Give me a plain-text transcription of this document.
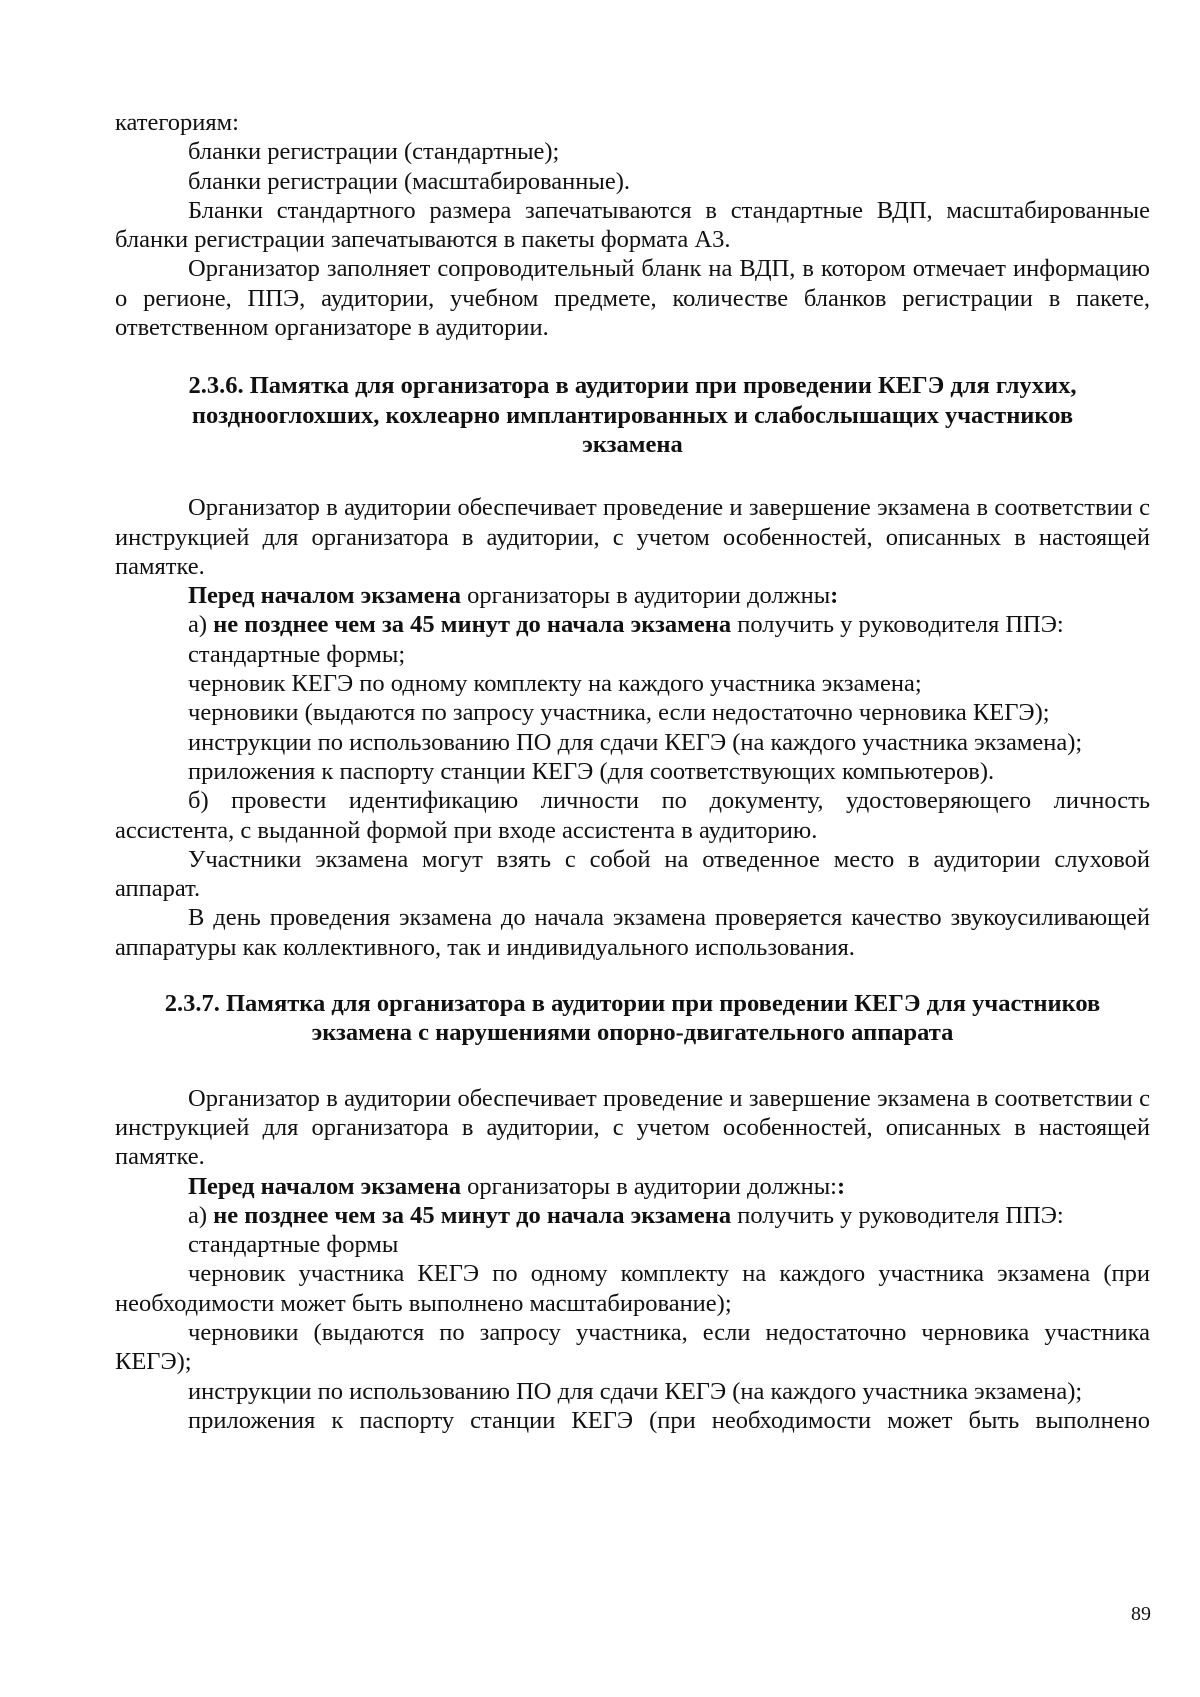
категориям:

бланки регистрации (стандартные);

бланки регистрации (масштабированные).

Бланки стандартного размера запечатываются в стандартные ВДП, масштабированные бланки регистрации запечатываются в пакеты формата А3.

Организатор заполняет сопроводительный бланк на ВДП, в котором отмечает информацию о регионе, ППЭ, аудитории, учебном предмете, количестве бланков регистрации в пакете, ответственном организаторе в аудитории.

2.3.6. Памятка для организатора в аудитории при проведении КЕГЭ для глухих,
позднооглохших, кохлеарно имплантированных и слабослышащих участников
экзамена

Организатор в аудитории обеспечивает проведение и завершение экзамена в соответствии с инструкцией для организатора в аудитории, с учетом особенностей, описанных в настоящей памятке.

Перед началом экзамена организаторы в аудитории должны:

а) не позднее чем за 45 минут до начала экзамена получить у руководителя ППЭ:

стандартные формы;

черновик КЕГЭ по одному комплекту на каждого участника экзамена;

черновики (выдаются по запросу участника, если недостаточно черновика КЕГЭ);

инструкции по использованию ПО для сдачи КЕГЭ (на каждого участника экзамена);

приложения к паспорту станции КЕГЭ (для соответствующих компьютеров).

б) провести идентификацию личности по документу, удостоверяющего личность ассистента, с выданной формой при входе ассистента в аудиторию.

Участники экзамена могут взять с собой на отведенное место в аудитории слуховой аппарат.

В день проведения экзамена до начала экзамена проверяется качество звукоусиливающей аппаратуры как коллективного, так и индивидуального использования.

2.3.7. Памятка для организатора в аудитории при проведении КЕГЭ для участников
экзамена с нарушениями опорно-двигательного аппарата

Организатор в аудитории обеспечивает проведение и завершение экзамена в соответствии с инструкцией для организатора в аудитории, с учетом особенностей, описанных в настоящей памятке.

Перед началом экзамена организаторы в аудитории должны::

а) не позднее чем за 45 минут до начала экзамена получить у руководителя ППЭ:

стандартные формы

черновик участника КЕГЭ по одному комплекту на каждого участника экзамена (при необходимости может быть выполнено масштабирование);

черновики (выдаются по запросу участника, если недостаточно черновика участника КЕГЭ);

инструкции по использованию ПО для сдачи КЕГЭ (на каждого участника экзамена);

приложения к паспорту станции КЕГЭ (при необходимости может быть выполнено

89
